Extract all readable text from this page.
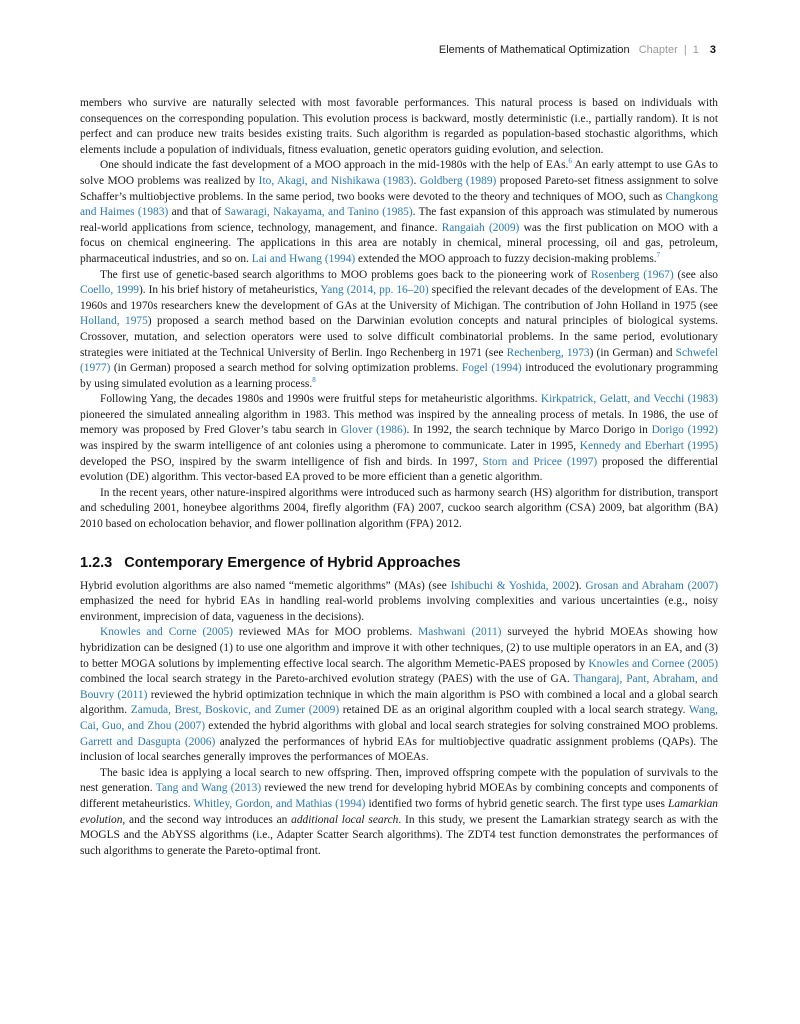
Elements of Mathematical Optimization Chapter | 1 3

members who survive are naturally selected with most favorable performances. This natural process is based on individuals with consequences on the corresponding population. This evolution process is backward, mostly deterministic (i.e., partially random). It is not perfect and can produce new traits besides existing traits. Such algorithm is regarded as population-based stochastic algorithms, which elements include a population of individuals, fitness evaluation, genetic operators guiding evolution, and selection.

One should indicate the fast development of a MOO approach in the mid-1980s with the help of EAs.$^6$ An early attempt to use GAs to solve MOO problems was realized by Ito, Akagi, and Nishikawa (1983). Goldberg (1989) proposed Pareto-set fitness assignment to solve Schaffer’s multiobjective problems. In the same period, two books were devoted to the theory and techniques of MOO, such as Changkong and Haimes (1983) and that of Sawaragi, Nakayama, and Tanino (1985). The fast expansion of this approach was stimulated by numerous real-world applications from science, technology, management, and finance. Rangaiah (2009) was the first publication on MOO with a focus on chemical engineering. The applications in this area are notably in chemical, mineral processing, oil and gas, petroleum, pharmaceutical industries, and so on. Lai and Hwang (1994) extended the MOO approach to fuzzy decision-making problems.$^7$

The first use of genetic-based search algorithms to MOO problems goes back to the pioneering work of Rosenberg (1967) (see also Coello, 1999). In his brief history of metaheuristics, Yang (2014, pp. 16–20) specified the relevant decades of the development of EAs. The 1960s and 1970s researchers knew the development of GAs at the University of Michigan. The contribution of John Holland in 1975 (see Holland, 1975) proposed a search method based on the Darwinian evolution concepts and natural principles of biological systems. Crossover, mutation, and selection operators were used to solve difficult combinatorial problems. In the same period, evolutionary strategies were initiated at the Technical University of Berlin. Ingo Rechenberg in 1971 (see Rechenberg, 1973) (in German) and Schwefel (1977) (in German) proposed a search method for solving optimization problems. Fogel (1994) introduced the evolutionary programming by using simulated evolution as a learning process.$^8$

Following Yang, the decades 1980s and 1990s were fruitful steps for metaheuristic algorithms. Kirkpatrick, Gelatt, and Vecchi (1983) pioneered the simulated annealing algorithm in 1983. This method was inspired by the annealing process of metals. In 1986, the use of memory was proposed by Fred Glover’s tabu search in Glover (1986). In 1992, the search technique by Marco Dorigo in Dorigo (1992) was inspired by the swarm intelligence of ant colonies using a pheromone to communicate. Later in 1995, Kennedy and Eberhart (1995) developed the PSO, inspired by the swarm intelligence of fish and birds. In 1997, Storn and Pricee (1997) proposed the differential evolution (DE) algorithm. This vector-based EA proved to be more efficient than a genetic algorithm.

In the recent years, other nature-inspired algorithms were introduced such as harmony search (HS) algorithm for distribution, transport and scheduling 2001, honeybee algorithms 2004, firefly algorithm (FA) 2007, cuckoo search algorithm (CSA) 2009, bat algorithm (BA) 2010 based on echolocation behavior, and flower pollination algorithm (FPA) 2012.

1.2.3 Contemporary Emergence of Hybrid Approaches

Hybrid evolution algorithms are also named “memetic algorithms” (MAs) (see Ishibuchi & Yoshida, 2002). Grosan and Abraham (2007) emphasized the need for hybrid EAs in handling real-world problems involving complexities and various uncertainties (e.g., noisy environment, imprecision of data, vagueness in the decisions).

Knowles and Corne (2005) reviewed MAs for MOO problems. Mashwani (2011) surveyed the hybrid MOEAs showing how hybridization can be designed (1) to use one algorithm and improve it with other techniques, (2) to use multiple operators in an EA, and (3) to better MOGA solutions by implementing effective local search. The algorithm Memetic-PAES proposed by Knowles and Cornee (2005) combined the local search strategy in the Pareto-archived evolution strategy (PAES) with the use of GA. Thangaraj, Pant, Abraham, and Bouvry (2011) reviewed the hybrid optimization technique in which the main algorithm is PSO with combined a local and a global search algorithm. Zamuda, Brest, Boskovic, and Zumer (2009) retained DE as an original algorithm coupled with a local search strategy. Wang, Cai, Guo, and Zhou (2007) extended the hybrid algorithms with global and local search strategies for solving constrained MOO problems. Garrett and Dasgupta (2006) analyzed the performances of hybrid EAs for multiobjective quadratic assignment problems (QAPs). The inclusion of local searches generally improves the performances of MOEAs.

The basic idea is applying a local search to new offspring. Then, improved offspring compete with the population of survivals to the nest generation. Tang and Wang (2013) reviewed the new trend for developing hybrid MOEAs by combining concepts and components of different metaheuristics. Whitley, Gordon, and Mathias (1994) identified two forms of hybrid genetic search. The first type uses Lamarkian evolution, and the second way introduces an additional local search. In this study, we present the Lamarkian strategy search as with the MOGLS and the AbYSS algorithms (i.e., Adapter Scatter Search algorithms). The ZDT4 test function demonstrates the performances of such algorithms to generate the Pareto-optimal front.
